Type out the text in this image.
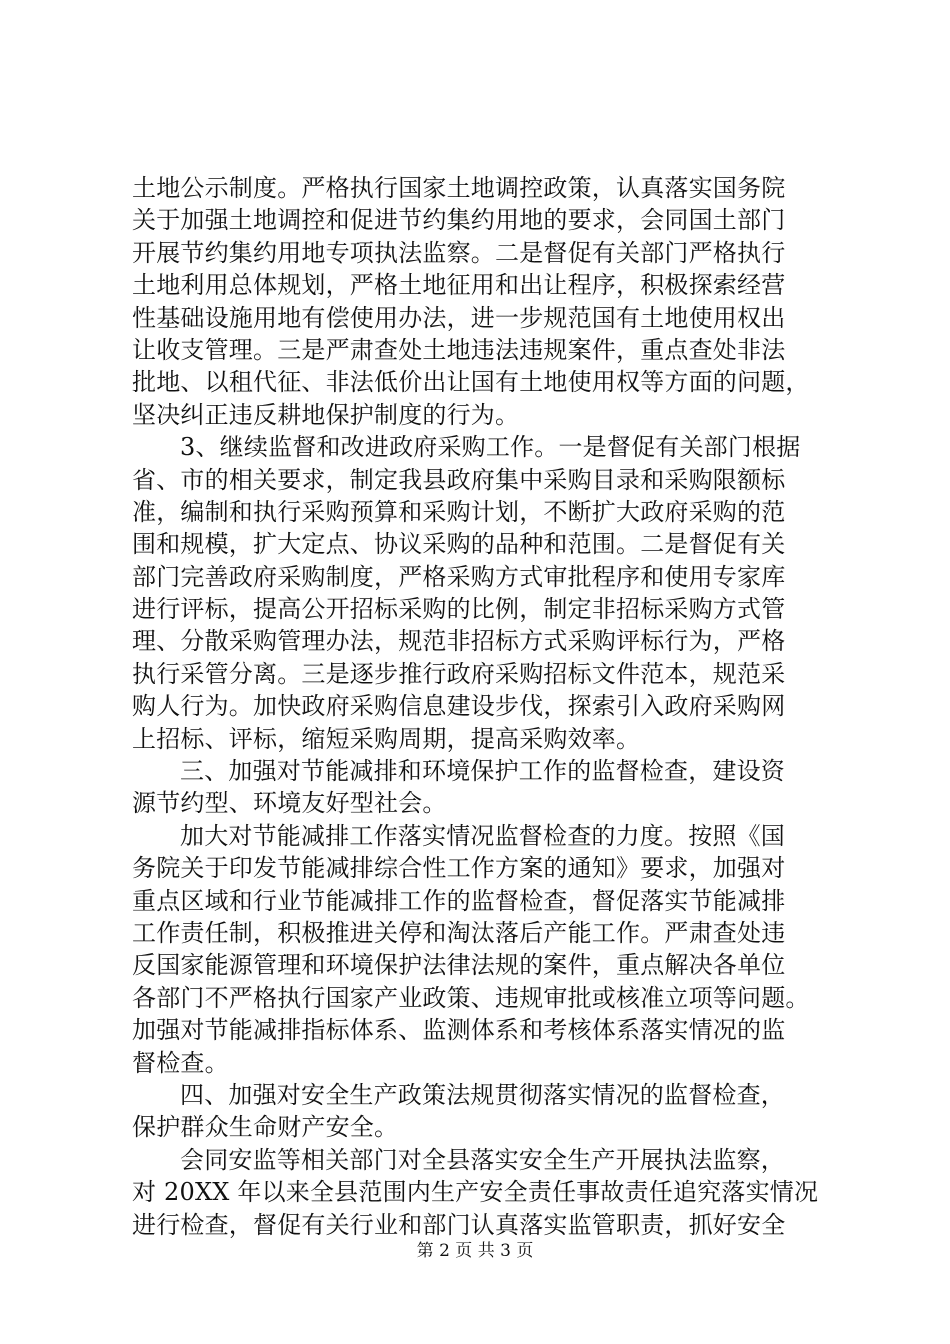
土地公示制度。严格执行国家土地调控政策，认真落实国务院
关于加强土地调控和促进节约集约用地的要求，会同国土部门
开展节约集约用地专项执法监察。二是督促有关部门严格执行
土地利用总体规划，严格土地征用和出让程序，积极探索经营
性基础设施用地有偿使用办法，进一步规范国有土地使用权出
让收支管理。三是严肃查处土地违法违规案件，重点查处非法
批地、以租代征、非法低价出让国有土地使用权等方面的问题，
坚决纠正违反耕地保护制度的行为。
3、继续监督和改进政府采购工作。一是督促有关部门根据
省、市的相关要求，制定我县政府集中采购目录和采购限额标
准，编制和执行采购预算和采购计划，不断扩大政府采购的范
围和规模，扩大定点、协议采购的品种和范围。二是督促有关
部门完善政府采购制度，严格采购方式审批程序和使用专家库
进行评标，提高公开招标采购的比例，制定非招标采购方式管
理、分散采购管理办法，规范非招标方式采购评标行为，严格
执行采管分离。三是逐步推行政府采购招标文件范本，规范采
购人行为。加快政府采购信息建设步伐，探索引入政府采购网
上招标、评标，缩短采购周期，提高采购效率。
三、加强对节能减排和环境保护工作的监督检查，建设资
源节约型、环境友好型社会。
加大对节能减排工作落实情况监督检查的力度。按照《国
务院关于印发节能减排综合性工作方案的通知》要求，加强对
重点区域和行业节能减排工作的监督检查，督促落实节能减排
工作责任制，积极推进关停和淘汰落后产能工作。严肃查处违
反国家能源管理和环境保护法律法规的案件，重点解决各单位
各部门不严格执行国家产业政策、违规审批或核准立项等问题。
加强对节能减排指标体系、监测体系和考核体系落实情况的监
督检查。
四、加强对安全生产政策法规贯彻落实情况的监督检查，
保护群众生命财产安全。
会同安监等相关部门对全县落实安全生产开展执法监察，
对 20XX 年以来全县范围内生产安全责任事故责任追究落实情况
进行检查，督促有关行业和部门认真落实监管职责，抓好安全
第 2 页 共 3 页
